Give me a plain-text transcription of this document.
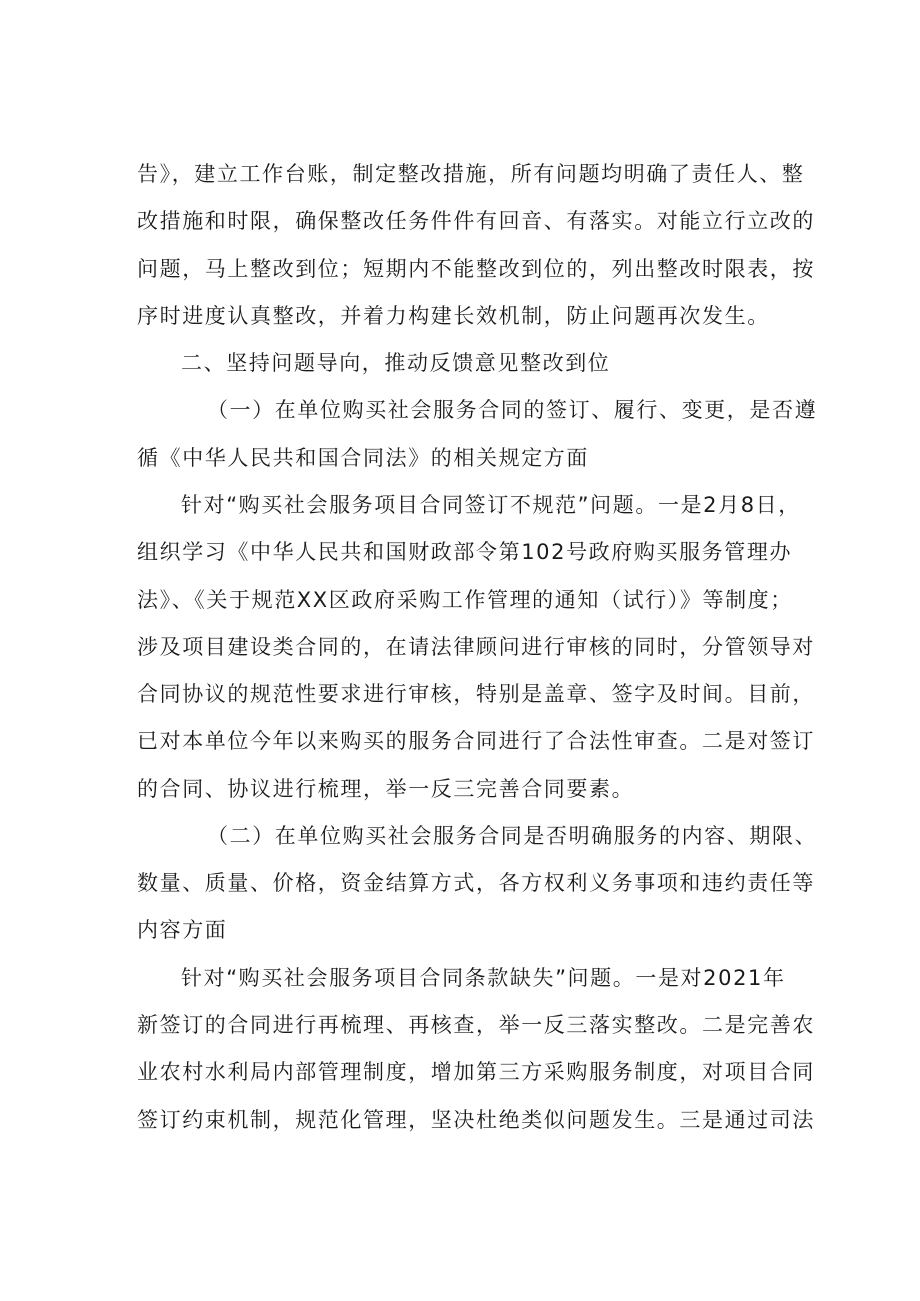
告》，建立工作台账，制定整改措施，所有问题均明确了责任人、整
改措施和时限，确保整改任务件件有回音、有落实。对能立行立改的
问题，马上整改到位；短期内不能整改到位的，列出整改时限表，按
序时进度认真整改，并着力构建长效机制，防止问题再次发生。
二、坚持问题导向，推动反馈意见整改到位
（一）在单位购买社会服务合同的签订、履行、变更，是否遵
循《中华人民共和国合同法》的相关规定方面
针对“购买社会服务项目合同签订不规范”问题。一是2月8日，
组织学习《中华人民共和国财政部令第102号政府购买服务管理办
法》、《关于规范XX区政府采购工作管理的通知（试行）》等制度；
涉及项目建设类合同的，在请法律顾问进行审核的同时，分管领导对
合同协议的规范性要求进行审核，特别是盖章、签字及时间。目前，
已对本单位今年以来购买的服务合同进行了合法性审查。二是对签订
的合同、协议进行梳理，举一反三完善合同要素。
（二）在单位购买社会服务合同是否明确服务的内容、期限、
数量、质量、价格，资金结算方式，各方权利义务事项和违约责任等
内容方面
针对“购买社会服务项目合同条款缺失”问题。一是对2021年
新签订的合同进行再梳理、再核查，举一反三落实整改。二是完善农
业农村水利局内部管理制度，增加第三方采购服务制度，对项目合同
签订约束机制，规范化管理，坚决杜绝类似问题发生。三是通过司法
